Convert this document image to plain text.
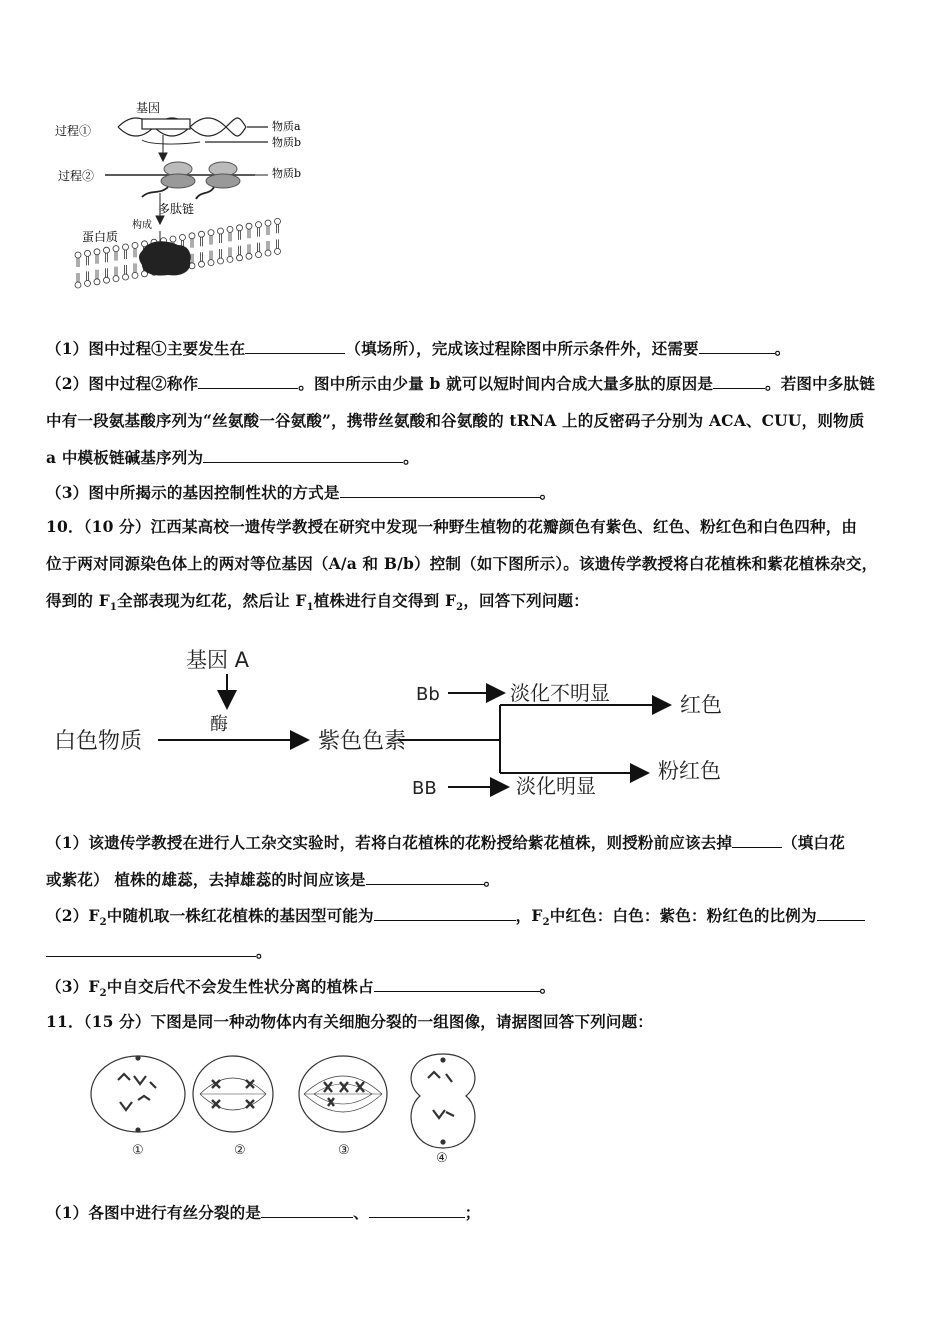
基因
过程①
过程②
物质a
物质b
物质b
多肽链
构成
蛋白质
（1）图中过程①主要发生在	（填场所），完成该过程除图中所示条件外，还需要	。
（2）图中过程②称作	。图中所示由少量 b 就可以短时间内合成大量多肽的原因是	。若图中多肽链
中有一段氨基酸序列为“丝氨酸一谷氨酸”，携带丝氨酸和谷氨酸的 tRNA 上的反密码子分别为 ACA、CUU，则物质
a 中模板链碱基序列为	。
（3）图中所揭示的基因控制性状的方式是	。
10．（10 分）江西某高校一遗传学教授在研究中发现一种野生植物的花瓣颜色有紫色、红色、粉红色和白色四种，由
位于两对同源染色体上的两对等位基因（A/a 和 B/b）控制（如下图所示）。该遗传学教授将白花植株和紫花植株杂交，
得到的 $F_1$全部表现为红花，然后让 $F_1$植株进行自交得到 $F_2$，回答下列问题：
基因 A
酶
白色物质	紫色色素
Bb
BB
淡化不明显
淡化明显
红色
粉红色
（1）该遗传学教授在进行人工杂交实验时，若将白花植株的花粉授给紫花植株，则授粉前应该去掉	（填白花
或紫花） 植株的雄蕊，去掉雄蕊的时间应该是	。
$(2)F_2$中随机取一株红花植株的基因型可能为	，$F_2$中红色：白色：紫色：粉红色的比例为
。
$(3)F_2$中自交后代不会发生性状分离的植株占	。
11．（15 分）下图是同一种动物体内有关细胞分裂的一组图像，请据图回答下列问题：
①	②	③
④
（1）各图中进行有丝分裂的是	、	；
